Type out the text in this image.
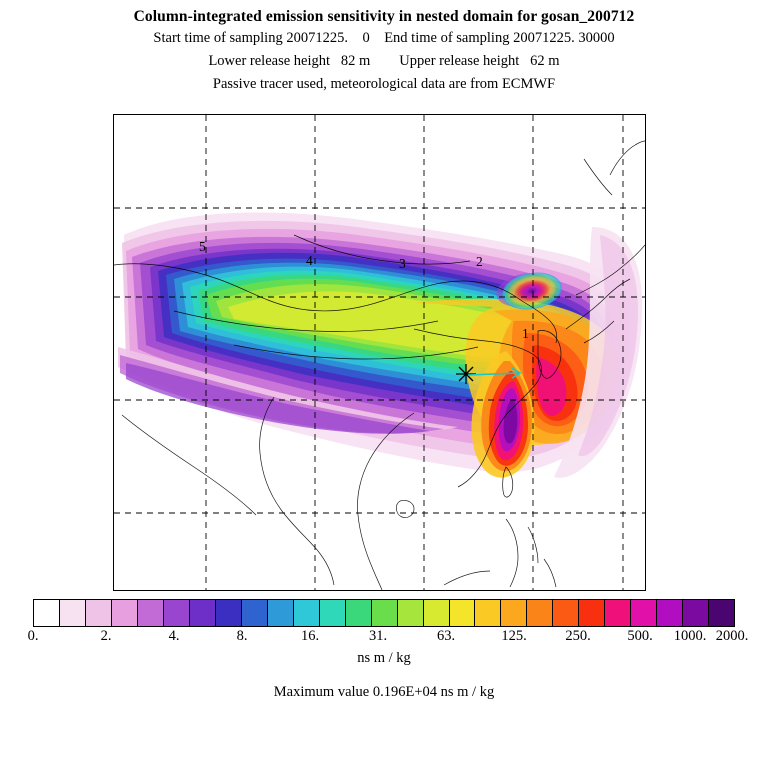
Column-integrated emission sensitivity in nested domain for gosan_200712
Start time of sampling 20071225.    0    End time of sampling 20071225. 30000
Lower release height   82 m        Upper release height   62 m
Passive tracer used, meteorological data are from ECMWF
5
4	3	2
1
0.	2.	4.	8.	16.	31.	63.	125.	250.	500. 1000. 2000.
ns m / kg
Maximum value 0.196E+04 ns m / kg
